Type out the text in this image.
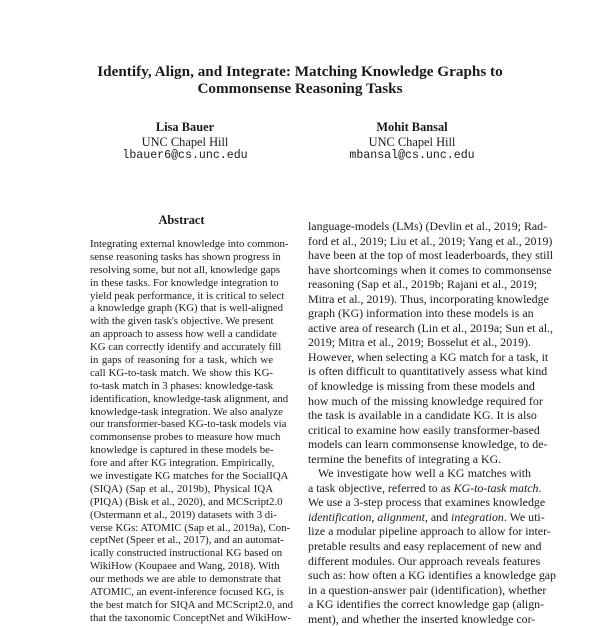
Identify, Align, and Integrate: Matching Knowledge Graphs to
Commonsense Reasoning Tasks
Lisa Bauer
UNC Chapel Hill
lbauer6@cs.unc.edu
Mohit Bansal
UNC Chapel Hill
mbansal@cs.unc.edu
Abstract
Integrating external knowledge into common-
sense reasoning tasks has shown progress in
resolving some, but not all, knowledge gaps
in these tasks. For knowledge integration to
yield peak performance, it is critical to select
a knowledge graph (KG) that is well-aligned
with the given task's objective. We present
an approach to assess how well a candidate
KG can correctly identify and accurately fill
in gaps of reasoning for a task, which we
call KG-to-task match. We show this KG-
to-task match in 3 phases: knowledge-task
identification, knowledge-task alignment, and
knowledge-task integration. We also analyze
our transformer-based KG-to-task models via
commonsense probes to measure how much
knowledge is captured in these models be-
fore and after KG integration. Empirically,
we investigate KG matches for the SocialIQA
(SIQA) (Sap et al., 2019b), Physical IQA
(PIQA) (Bisk et al., 2020), and MCScript2.0
(Ostermann et al., 2019) datasets with 3 di-
verse KGs: ATOMIC (Sap et al., 2019a), Con-
ceptNet (Speer et al., 2017), and an automat-
ically constructed instructional KG based on
WikiHow (Koupaee and Wang, 2018). With
our methods we are able to demonstrate that
ATOMIC, an event-inference focused KG, is
the best match for SIQA and MCScript2.0, and
that the taxonomic ConceptNet and WikiHow-
language-models (LMs) (Devlin et al., 2019; Rad-
ford et al., 2019; Liu et al., 2019; Yang et al., 2019)
have been at the top of most leaderboards, they still
have shortcomings when it comes to commonsense
reasoning (Sap et al., 2019b; Rajani et al., 2019;
Mitra et al., 2019). Thus, incorporating knowledge
graph (KG) information into these models is an
active area of research (Lin et al., 2019a; Sun et al.,
2019; Mitra et al., 2019; Bosselut et al., 2019).
However, when selecting a KG match for a task, it
is often difficult to quantitatively assess what kind
of knowledge is missing from these models and
how much of the missing knowledge required for
the task is available in a candidate KG. It is also
critical to examine how easily transformer-based
models can learn commonsense knowledge, to de-
termine the benefits of integrating a KG.
We investigate how well a KG matches with
a task objective, referred to as KG-to-task match.
We use a 3-step process that examines knowledge
identification, alignment, and integration. We uti-
lize a modular pipeline approach to allow for inter-
pretable results and easy replacement of new and
different modules. Our approach reveals features
such as: how often a KG identifies a knowledge gap
in a question-answer pair (identification), whether
a KG identifies the correct knowledge gap (align-
ment), and whether the inserted knowledge cor-
